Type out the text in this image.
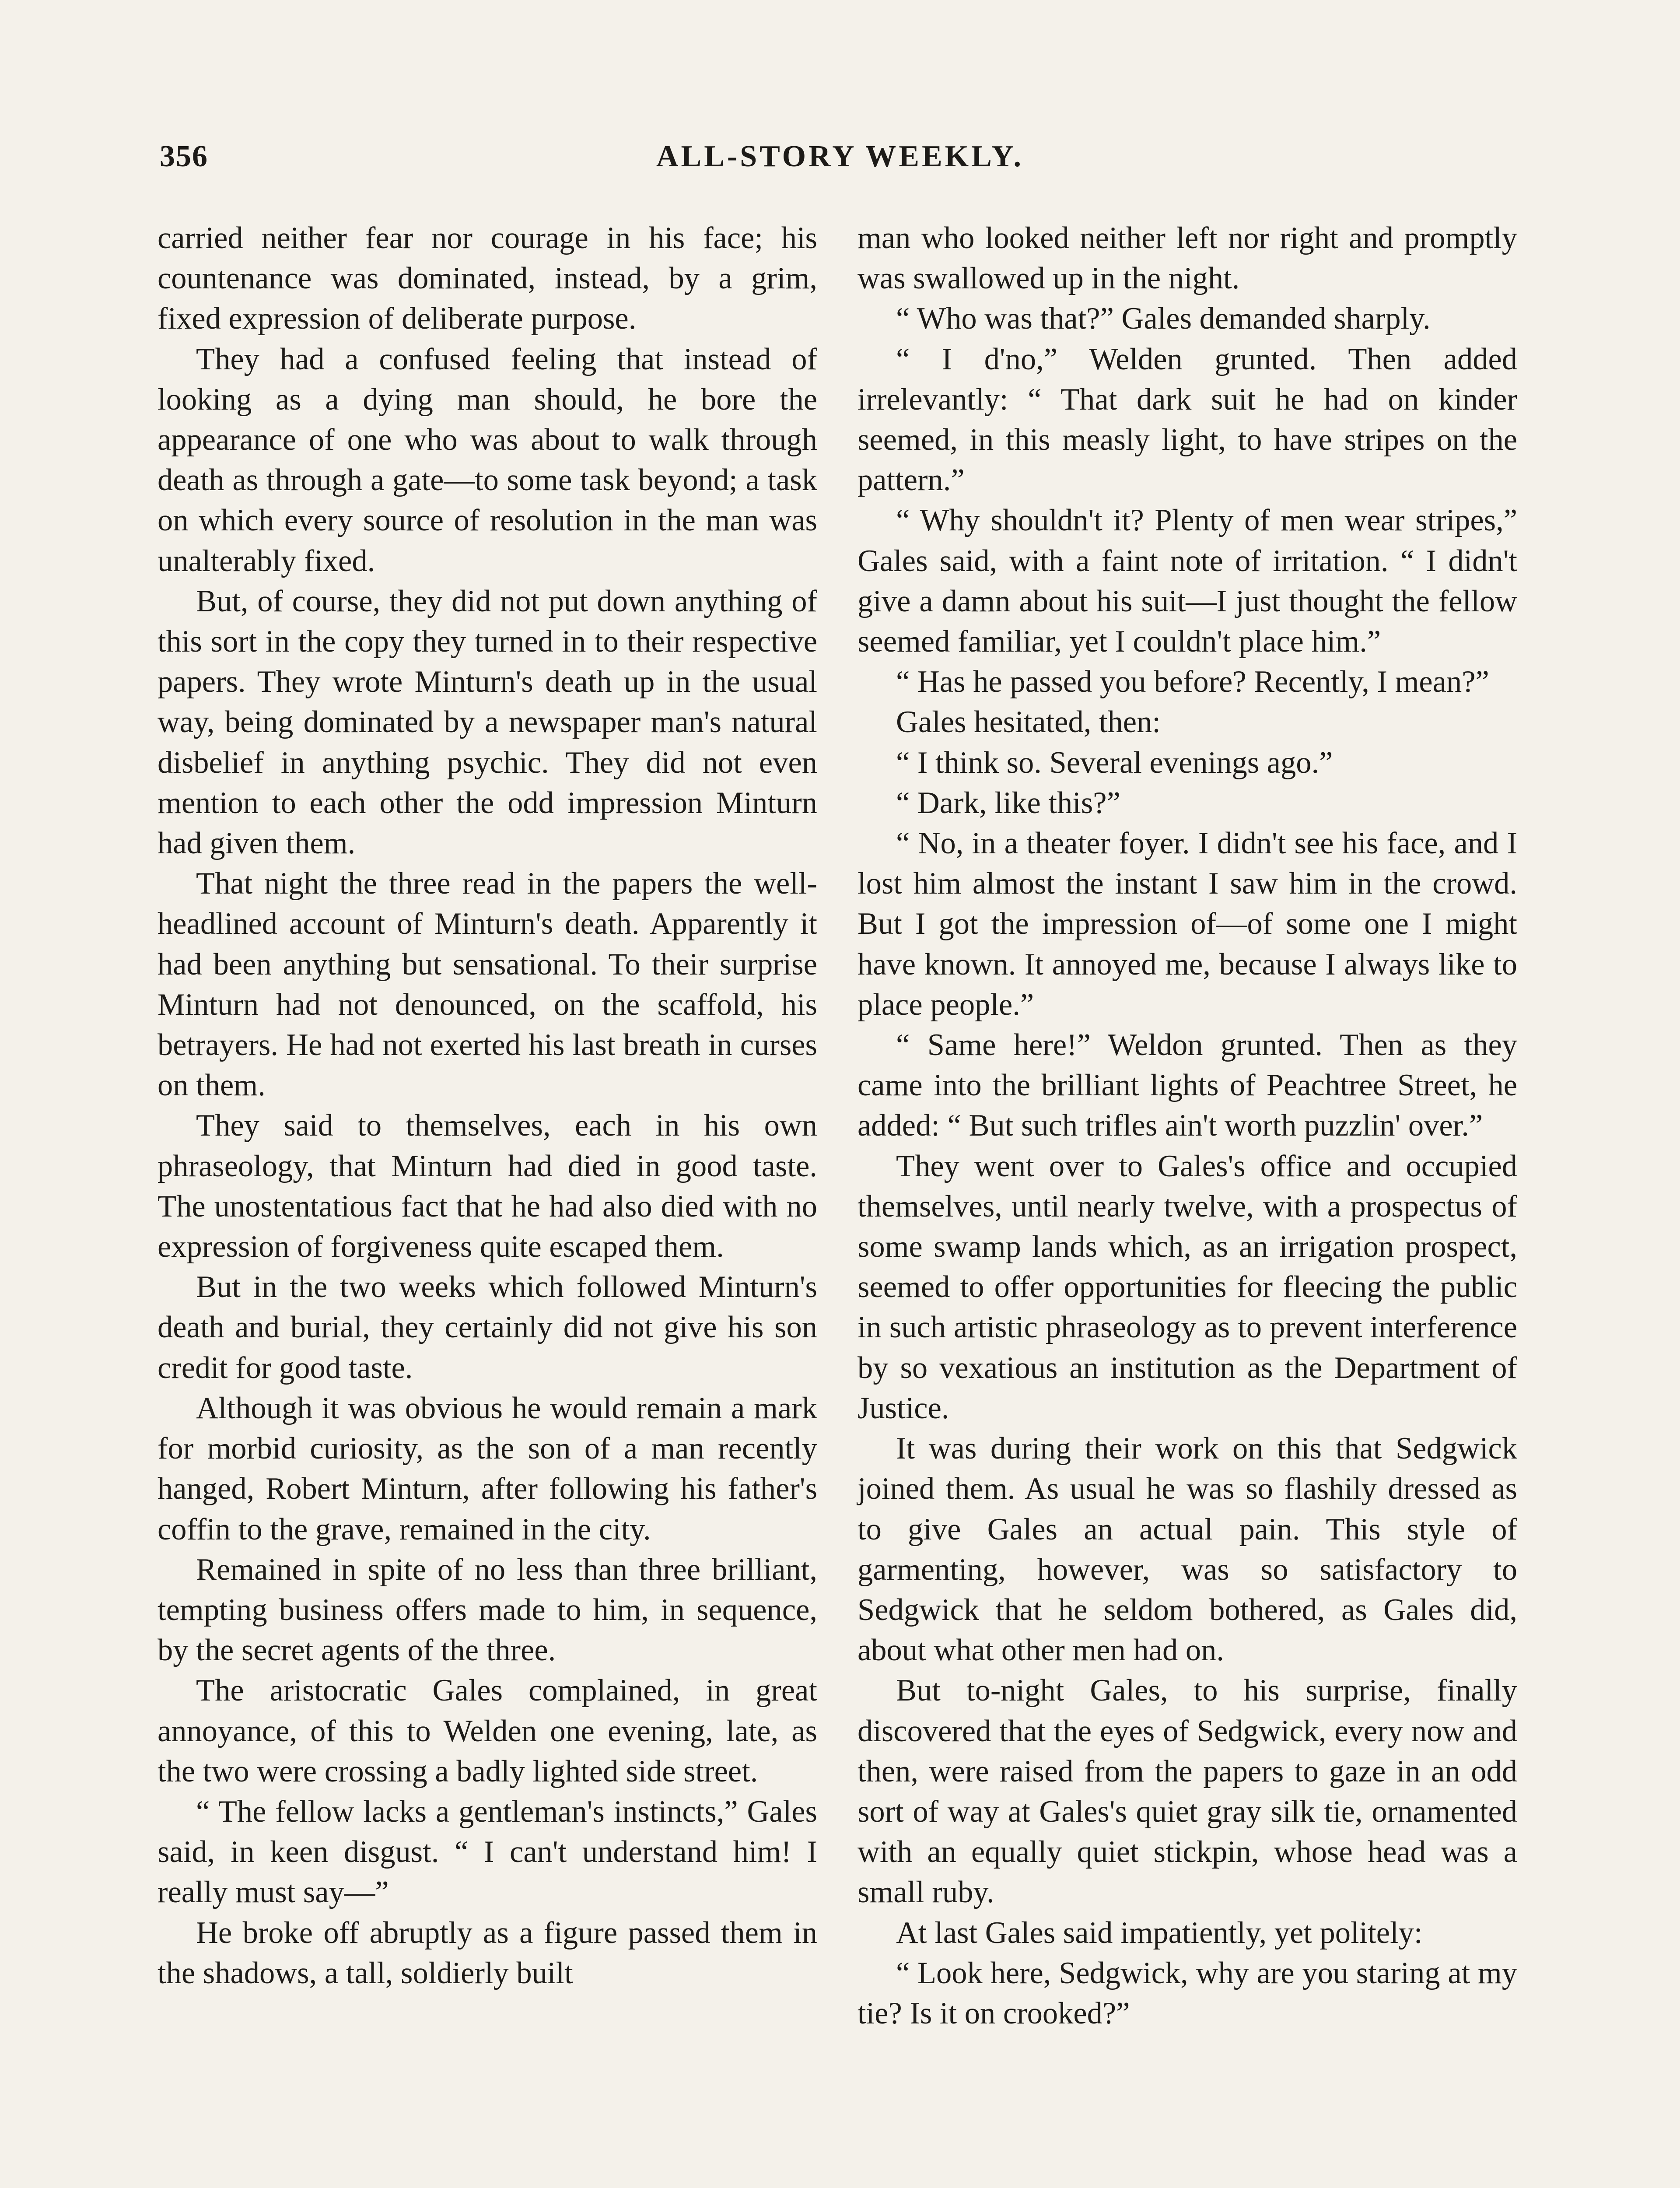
356	ALL-STORY WEEKLY.

carried neither fear nor courage in his face; his countenance was dominated, instead, by a grim, fixed expression of deliberate purpose.

They had a confused feeling that instead of looking as a dying man should, he bore the appearance of one who was about to walk through death as through a gate—to some task beyond; a task on which every source of resolution in the man was unalterably fixed.

But, of course, they did not put down anything of this sort in the copy they turned in to their respective papers. They wrote Minturn's death up in the usual way, being dominated by a newspaper man's natural disbelief in anything psychic. They did not even mention to each other the odd impression Minturn had given them.

That night the three read in the papers the well-headlined account of Minturn's death. Apparently it had been anything but sensational. To their surprise Minturn had not denounced, on the scaffold, his betrayers. He had not exerted his last breath in curses on them.

They said to themselves, each in his own phraseology, that Minturn had died in good taste. The unostentatious fact that he had also died with no expression of forgiveness quite escaped them.

But in the two weeks which followed Minturn's death and burial, they certainly did not give his son credit for good taste.

Although it was obvious he would remain a mark for morbid curiosity, as the son of a man recently hanged, Robert Minturn, after following his father's coffin to the grave, remained in the city.

Remained in spite of no less than three brilliant, tempting business offers made to him, in sequence, by the secret agents of the three.

The aristocratic Gales complained, in great annoyance, of this to Welden one evening, late, as the two were crossing a badly lighted side street.

“ The fellow lacks a gentleman's instincts,” Gales said, in keen disgust. “ I can't understand him! I really must say—”

He broke off abruptly as a figure passed them in the shadows, a tall, soldierly built

man who looked neither left nor right and promptly was swallowed up in the night.

“ Who was that?” Gales demanded sharply.

“ I d'no,” Welden grunted. Then added irrelevantly: “ That dark suit he had on kinder seemed, in this measly light, to have stripes on the pattern.”

“ Why shouldn't it? Plenty of men wear stripes,” Gales said, with a faint note of irritation. “ I didn't give a damn about his suit—I just thought the fellow seemed familiar, yet I couldn't place him.”

“ Has he passed you before? Recently, I mean?”

Gales hesitated, then:

“ I think so. Several evenings ago.”

“ Dark, like this?”

“ No, in a theater foyer. I didn't see his face, and I lost him almost the instant I saw him in the crowd. But I got the impression of—of some one I might have known. It annoyed me, because I always like to place people.”

“ Same here!” Weldon grunted. Then as they came into the brilliant lights of Peachtree Street, he added: “ But such trifles ain't worth puzzlin' over.”

They went over to Gales's office and occupied themselves, until nearly twelve, with a prospectus of some swamp lands which, as an irrigation prospect, seemed to offer opportunities for fleecing the public in such artistic phraseology as to prevent interference by so vexatious an institution as the Department of Justice.

It was during their work on this that Sedgwick joined them. As usual he was so flashily dressed as to give Gales an actual pain. This style of garmenting, however, was so satisfactory to Sedgwick that he seldom bothered, as Gales did, about what other men had on.

But to-night Gales, to his surprise, finally discovered that the eyes of Sedgwick, every now and then, were raised from the papers to gaze in an odd sort of way at Gales's quiet gray silk tie, ornamented with an equally quiet stickpin, whose head was a small ruby.

At last Gales said impatiently, yet politely:

“ Look here, Sedgwick, why are you staring at my tie? Is it on crooked?”
